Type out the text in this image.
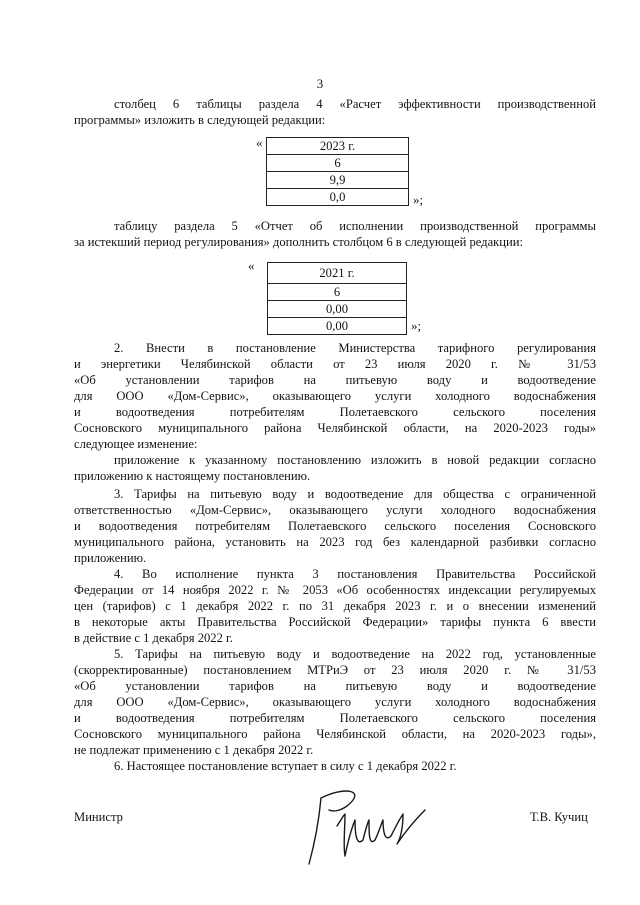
3
столбец 6 таблицы раздела 4 «Расчет эффективности производственной
программы» изложить в следующей редакции:
«	2023 г.
6
9,9
0,0	»;
таблицу раздела 5 «Отчет об исполнении производственной программы
за истекший период регулирования» дополнить столбцом 6 в следующей редакции:
«	2021 г.
6
0,00
0,00	»;
2. Внести в постановление Министерства тарифного регулирования
и энергетики Челябинской области от 23 июля 2020 г. № 31/53
«Об установлении тарифов на питьевую воду и водоотведение
для ООО «Дом-Сервис», оказывающего услуги холодного водоснабжения
и водоотведения потребителям Полетаевского сельского поселения
Сосновского муниципального района Челябинской области, на 2020-2023 годы»
следующее изменение:
приложение к указанному постановлению изложить в новой редакции согласно
приложению к настоящему постановлению.
3. Тарифы на питьевую воду и водоотведение для общества с ограниченной
ответственностью «Дом-Сервис», оказывающего услуги холодного водоснабжения
и водоотведения потребителям Полетаевского сельского поселения Сосновского
муниципального района, установить на 2023 год без календарной разбивки согласно
приложению.
4. Во исполнение пункта 3 постановления Правительства Российской
Федерации от 14 ноября 2022 г. № 2053 «Об особенностях индексации регулируемых
цен (тарифов) с 1 декабря 2022 г. по 31 декабря 2023 г. и о внесении изменений
в некоторые акты Правительства Российской Федерации» тарифы пункта 6 ввести
в действие с 1 декабря 2022 г.
5. Тарифы на питьевую воду и водоотведение на 2022 год, установленные
(скорректированные) постановлением МТРиЭ от 23 июля 2020 г. № 31/53
«Об установлении тарифов на питьевую воду и водоотведение
для ООО «Дом-Сервис», оказывающего услуги холодного водоснабжения
и водоотведения потребителям Полетаевского сельского поселения
Сосновского муниципального района Челябинской области, на 2020-2023 годы»,
не подлежат применению с 1 декабря 2022 г.
6. Настоящее постановление вступает в силу с 1 декабря 2022 г.
Министр	Т.В. Кучиц
